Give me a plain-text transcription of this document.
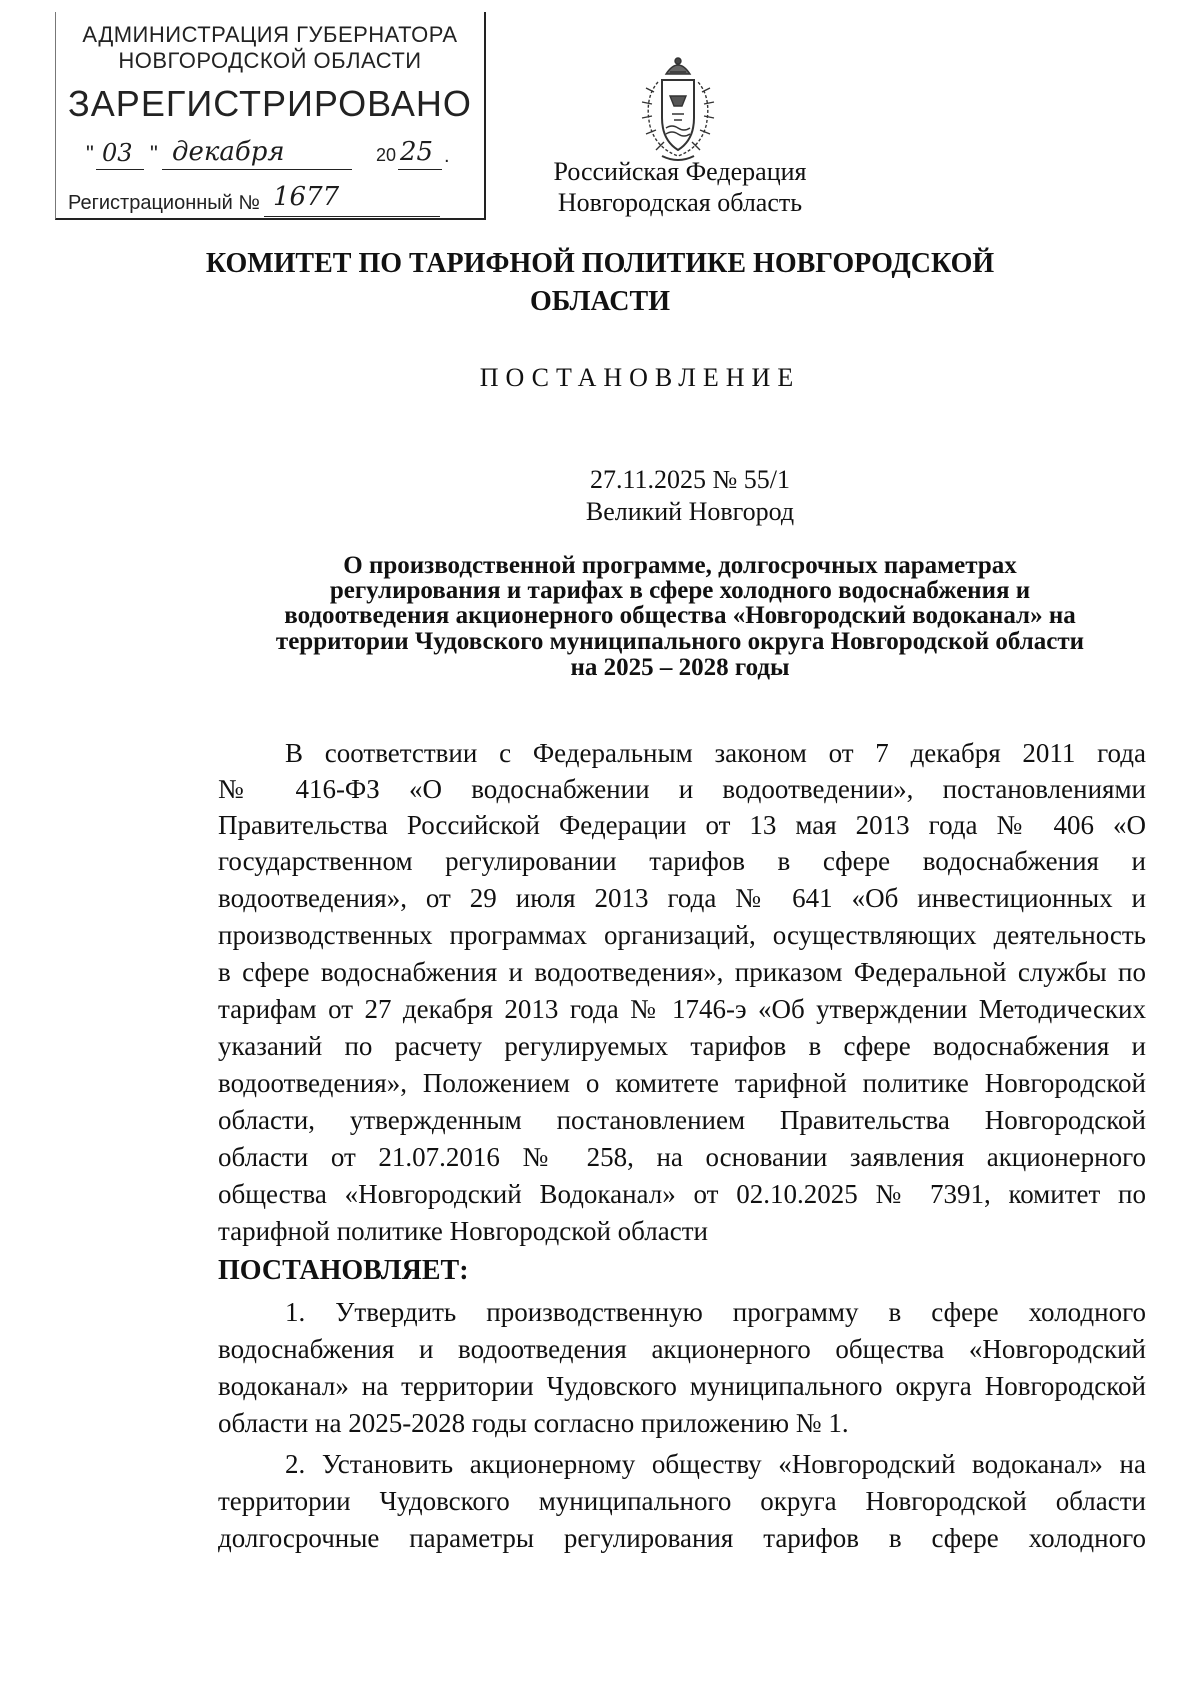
АДМИНИСТРАЦИЯ ГУБЕРНАТОРА
НОВГОРОДСКОЙ ОБЛАСТИ
ЗАРЕГИСТРИРОВАНО
" 03 " декабря	20 25 .
Регистрационный № 1677
Российская Федерация
Новгородская область
КОМИТЕТ ПО ТАРИФНОЙ ПОЛИТИКЕ НОВГОРОДСКОЙ
ОБЛАСТИ
ПОСТАНОВЛЕНИЕ
27.11.2025 № 55/1
Великий Новгород
О производственной программе, долгосрочных параметрах
регулирования и тарифах в сфере холодного водоснабжения и
водоотведения акционерного общества «Новгородский водоканал» на
территории Чудовского муниципального округа Новгородской области
на 2025 – 2028 годы
В соответствии с Федеральным законом от 7 декабря 2011 года
№ 416-ФЗ «О водоснабжении и водоотведении», постановлениями
Правительства Российской Федерации от 13 мая 2013 года № 406 «О
государственном регулировании тарифов в сфере водоснабжения и
водоотведения», от 29 июля 2013 года № 641 «Об инвестиционных и
производственных программах организаций, осуществляющих деятельность
в сфере водоснабжения и водоотведения», приказом Федеральной службы по
тарифам от 27 декабря 2013 года № 1746-э «Об утверждении Методических
указаний по расчету регулируемых тарифов в сфере водоснабжения и
водоотведения», Положением о комитете тарифной политике Новгородской
области, утвержденным постановлением Правительства Новгородской
области от 21.07.2016 № 258, на основании заявления акционерного
общества «Новгородский Водоканал» от 02.10.2025 № 7391, комитет по
тарифной политике Новгородской области
ПОСТАНОВЛЯЕТ:
1. Утвердить производственную программу в сфере холодного
водоснабжения и водоотведения акционерного общества «Новгородский
водоканал» на территории Чудовского муниципального округа Новгородской
области на 2025-2028 годы согласно приложению № 1.
2. Установить акционерному обществу «Новгородский водоканал» на
территории Чудовского муниципального округа Новгородской области
долгосрочные параметры регулирования тарифов в сфере холодного
